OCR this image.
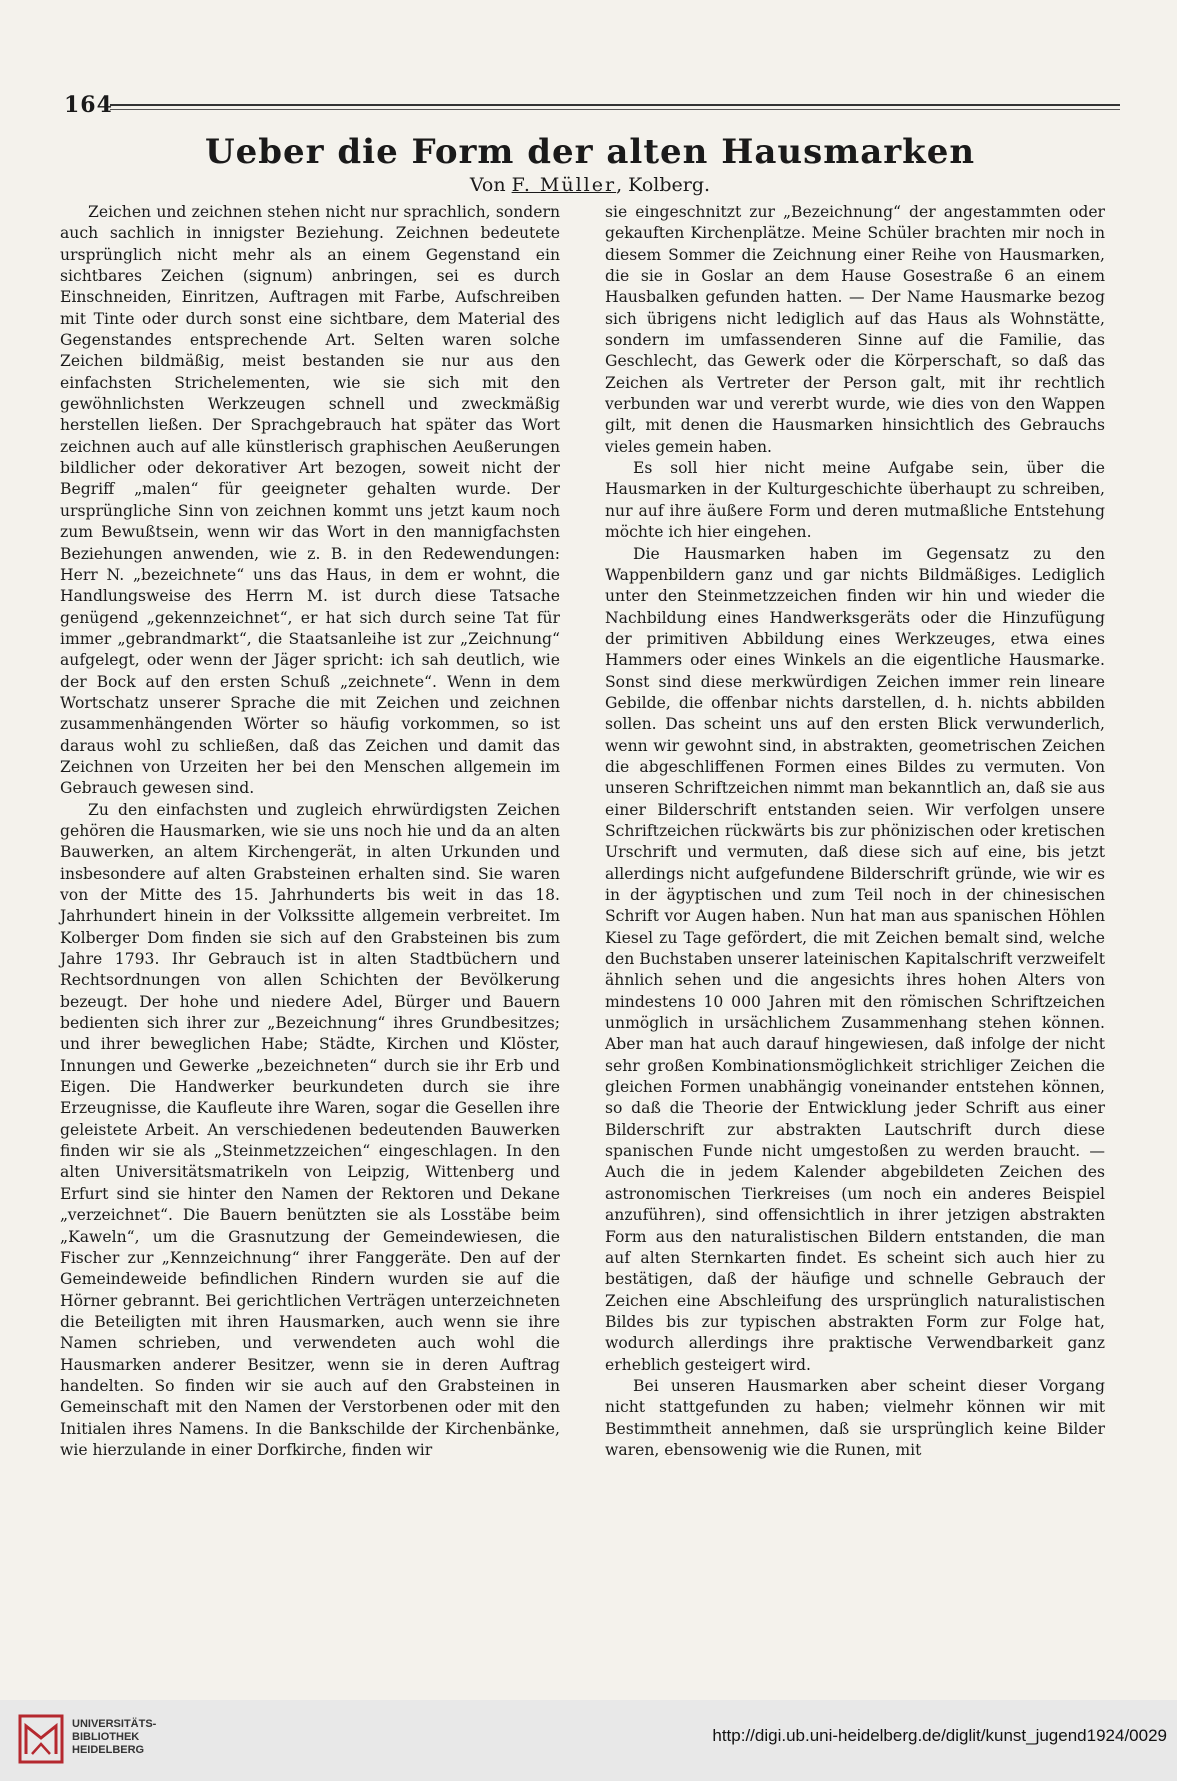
164
Ueber die Form der alten Hausmarken
Von F. Müller, Kolberg.

Zeichen und zeichnen stehen nicht nur sprachlich, sondern auch sachlich in innigster Beziehung. Zeichnen bedeutete ursprünglich nicht mehr als an einem Gegenstand ein sichtbares Zeichen (signum) anbringen, sei es durch Einschneiden, Einritzen, Auftragen mit Farbe, Aufschreiben mit Tinte oder durch sonst eine sichtbare, dem Material des Gegenstandes entsprechende Art. Selten waren solche Zeichen bildmäßig, meist bestanden sie nur aus den einfachsten Strichelementen, wie sie sich mit den gewöhnlichsten Werkzeugen schnell und zweckmäßig herstellen ließen. Der Sprachgebrauch hat später das Wort zeichnen auch auf alle künstlerisch graphischen Aeußerungen bildlicher oder dekorativer Art bezogen, soweit nicht der Begriff „malen“ für geeigneter gehalten wurde. Der ursprüngliche Sinn von zeichnen kommt uns jetzt kaum noch zum Bewußtsein, wenn wir das Wort in den mannigfachsten Beziehungen anwenden, wie z. B. in den Redewendungen: Herr N. „bezeichnete“ uns das Haus, in dem er wohnt, die Handlungsweise des Herrn M. ist durch diese Tatsache genügend „gekennzeichnet“, er hat sich durch seine Tat für immer „gebrandmarkt“, die Staatsanleihe ist zur „Zeichnung“ aufgelegt, oder wenn der Jäger spricht: ich sah deutlich, wie der Bock auf den ersten Schuß „zeichnete“. Wenn in dem Wortschatz unserer Sprache die mit Zeichen und zeichnen zusammenhängenden Wörter so häufig vorkommen, so ist daraus wohl zu schließen, daß das Zeichen und damit das Zeichnen von Urzeiten her bei den Menschen allgemein im Gebrauch gewesen sind.

Zu den einfachsten und zugleich ehrwürdigsten Zeichen gehören die Hausmarken, wie sie uns noch hie und da an alten Bauwerken, an altem Kirchengerät, in alten Urkunden und insbesondere auf alten Grabsteinen erhalten sind. Sie waren von der Mitte des 15. Jahrhunderts bis weit in das 18. Jahrhundert hinein in der Volkssitte allgemein verbreitet. Im Kolberger Dom finden sie sich auf den Grabsteinen bis zum Jahre 1793. Ihr Gebrauch ist in alten Stadtbüchern und Rechtsordnungen von allen Schichten der Bevölkerung bezeugt. Der hohe und niedere Adel, Bürger und Bauern bedienten sich ihrer zur „Bezeichnung“ ihres Grundbesitzes; und ihrer beweglichen Habe; Städte, Kirchen und Klöster, Innungen und Gewerke „bezeichneten“ durch sie ihr Erb und Eigen. Die Handwerker beurkundeten durch sie ihre Erzeugnisse, die Kaufleute ihre Waren, sogar die Gesellen ihre geleistete Arbeit. An verschiedenen bedeutenden Bauwerken finden wir sie als „Steinmetzzeichen“ eingeschlagen. In den alten Universitätsmatrikeln von Leipzig, Wittenberg und Erfurt sind sie hinter den Namen der Rektoren und Dekane „verzeichnet“. Die Bauern benützten sie als Losstäbe beim „Kaweln“, um die Grasnutzung der Gemeindewiesen, die Fischer zur „Kennzeichnung“ ihrer Fanggeräte. Den auf der Gemeindeweide befindlichen Rindern wurden sie auf die Hörner gebrannt. Bei gerichtlichen Verträgen unterzeichneten die Beteiligten mit ihren Hausmarken, auch wenn sie ihre Namen schrieben, und verwendeten auch wohl die Hausmarken anderer Besitzer, wenn sie in deren Auftrag handelten. So finden wir sie auch auf den Grabsteinen in Gemeinschaft mit den Namen der Verstorbenen oder mit den Initialen ihres Namens. In die Bankschilde der Kirchenbänke, wie hierzulande in einer Dorfkirche, finden wir

sie eingeschnitzt zur „Bezeichnung“ der angestammten oder gekauften Kirchenplätze. Meine Schüler brachten mir noch in diesem Sommer die Zeichnung einer Reihe von Hausmarken, die sie in Goslar an dem Hause Gosestraße 6 an einem Hausbalken gefunden hatten. — Der Name Hausmarke bezog sich übrigens nicht lediglich auf das Haus als Wohnstätte, sondern im umfassenderen Sinne auf die Familie, das Geschlecht, das Gewerk oder die Körperschaft, so daß das Zeichen als Vertreter der Person galt, mit ihr rechtlich verbunden war und vererbt wurde, wie dies von den Wappen gilt, mit denen die Hausmarken hinsichtlich des Gebrauchs vieles gemein haben.

Es soll hier nicht meine Aufgabe sein, über die Hausmarken in der Kulturgeschichte überhaupt zu schreiben, nur auf ihre äußere Form und deren mutmaßliche Entstehung möchte ich hier eingehen.

Die Hausmarken haben im Gegensatz zu den Wappenbildern ganz und gar nichts Bildmäßiges. Lediglich unter den Steinmetzzeichen finden wir hin und wieder die Nachbildung eines Handwerksgeräts oder die Hinzufügung der primitiven Abbildung eines Werkzeuges, etwa eines Hammers oder eines Winkels an die eigentliche Hausmarke. Sonst sind diese merkwürdigen Zeichen immer rein lineare Gebilde, die offenbar nichts darstellen, d. h. nichts abbilden sollen. Das scheint uns auf den ersten Blick verwunderlich, wenn wir gewohnt sind, in abstrakten, geometrischen Zeichen die abgeschliffenen Formen eines Bildes zu vermuten. Von unseren Schriftzeichen nimmt man bekanntlich an, daß sie aus einer Bilderschrift entstanden seien. Wir verfolgen unsere Schriftzeichen rückwärts bis zur phönizischen oder kretischen Urschrift und vermuten, daß diese sich auf eine, bis jetzt allerdings nicht aufgefundene Bilderschrift gründe, wie wir es in der ägyptischen und zum Teil noch in der chinesischen Schrift vor Augen haben. Nun hat man aus spanischen Höhlen Kiesel zu Tage gefördert, die mit Zeichen bemalt sind, welche den Buchstaben unserer lateinischen Kapitalschrift verzweifelt ähnlich sehen und die angesichts ihres hohen Alters von mindestens 10 000 Jahren mit den römischen Schriftzeichen unmöglich in ursächlichem Zusammenhang stehen können. Aber man hat auch darauf hingewiesen, daß infolge der nicht sehr großen Kombinationsmöglichkeit strichliger Zeichen die gleichen Formen unabhängig voneinander entstehen können, so daß die Theorie der Entwicklung jeder Schrift aus einer Bilderschrift zur abstrakten Lautschrift durch diese spanischen Funde nicht umgestoßen zu werden braucht. — Auch die in jedem Kalender abgebildeten Zeichen des astronomischen Tierkreises (um noch ein anderes Beispiel anzuführen), sind offensichtlich in ihrer jetzigen abstrakten Form aus den naturalistischen Bildern entstanden, die man auf alten Sternkarten findet. Es scheint sich auch hier zu bestätigen, daß der häufige und schnelle Gebrauch der Zeichen eine Abschleifung des ursprünglich naturalistischen Bildes bis zur typischen abstrakten Form zur Folge hat, wodurch allerdings ihre praktische Verwendbarkeit ganz erheblich gesteigert wird.

Bei unseren Hausmarken aber scheint dieser Vorgang nicht stattgefunden zu haben; vielmehr können wir mit Bestimmtheit annehmen, daß sie ursprünglich keine Bilder waren, ebensowenig wie die Runen, mit

UNIVERSITÄTS-
BIBLIOTHEK
HEIDELBERG
http://digi.ub.uni-heidelberg.de/diglit/kunst_jugend1924/0029
